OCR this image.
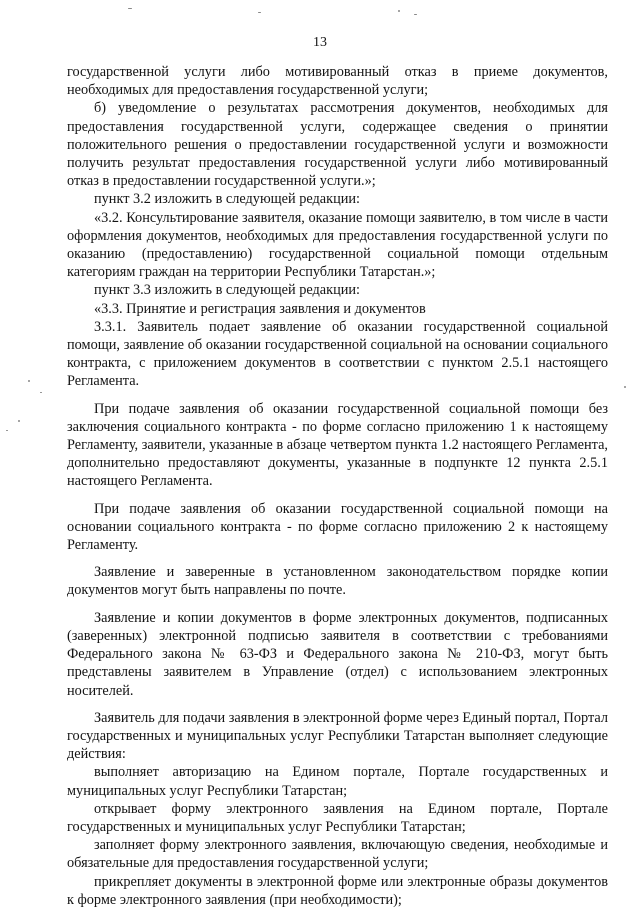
13

государственной услуги либо мотивированный отказ в приеме документов, необходимых для предоставления государственной услуги;

б) уведомление о результатах рассмотрения документов, необходимых для предоставления государственной услуги, содержащее сведения о принятии положительного решения о предоставлении государственной услуги и возможности получить результат предоставления государственной услуги либо мотивированный отказ в предоставлении государственной услуги.»;

пункт 3.2 изложить в следующей редакции:

«3.2. Консультирование заявителя, оказание помощи заявителю, в том числе в части оформления документов, необходимых для предоставления государственной услуги по оказанию (предоставлению) государственной социальной помощи отдельным категориям граждан на территории Республики Татарстан.»;

пункт 3.3 изложить в следующей редакции:

«3.3. Принятие и регистрация заявления и документов

3.3.1. Заявитель подает заявление об оказании государственной социальной помощи, заявление об оказании государственной социальной на основании социального контракта, с приложением документов в соответствии с пунктом 2.5.1 настоящего Регламента.

При подаче заявления об оказании государственной социальной помощи без заключения социального контракта - по форме согласно приложению 1 к настоящему Регламенту, заявители, указанные в абзаце четвертом пункта 1.2 настоящего Регламента, дополнительно предоставляют документы, указанные в подпункте 12 пункта 2.5.1 настоящего Регламента.

При подаче заявления об оказании государственной социальной помощи на основании социального контракта - по форме согласно приложению 2 к настоящему Регламенту.

Заявление и заверенные в установленном законодательством порядке копии документов могут быть направлены по почте.

Заявление и копии документов в форме электронных документов, подписанных (заверенных) электронной подписью заявителя в соответствии с требованиями Федерального закона № 63-ФЗ и Федерального закона № 210-ФЗ, могут быть представлены заявителем в Управление (отдел) с использованием электронных носителей.

Заявитель для подачи заявления в электронной форме через Единый портал, Портал государственных и муниципальных услуг Республики Татарстан выполняет следующие действия:

выполняет авторизацию на Едином портале, Портале государственных и муниципальных услуг Республики Татарстан;

открывает форму электронного заявления на Едином портале, Портале государственных и муниципальных услуг Республики Татарстан;

заполняет форму электронного заявления, включающую сведения, необходимые и обязательные для предоставления государственной услуги;

прикрепляет документы в электронной форме или электронные образы документов к форме электронного заявления (при необходимости);
